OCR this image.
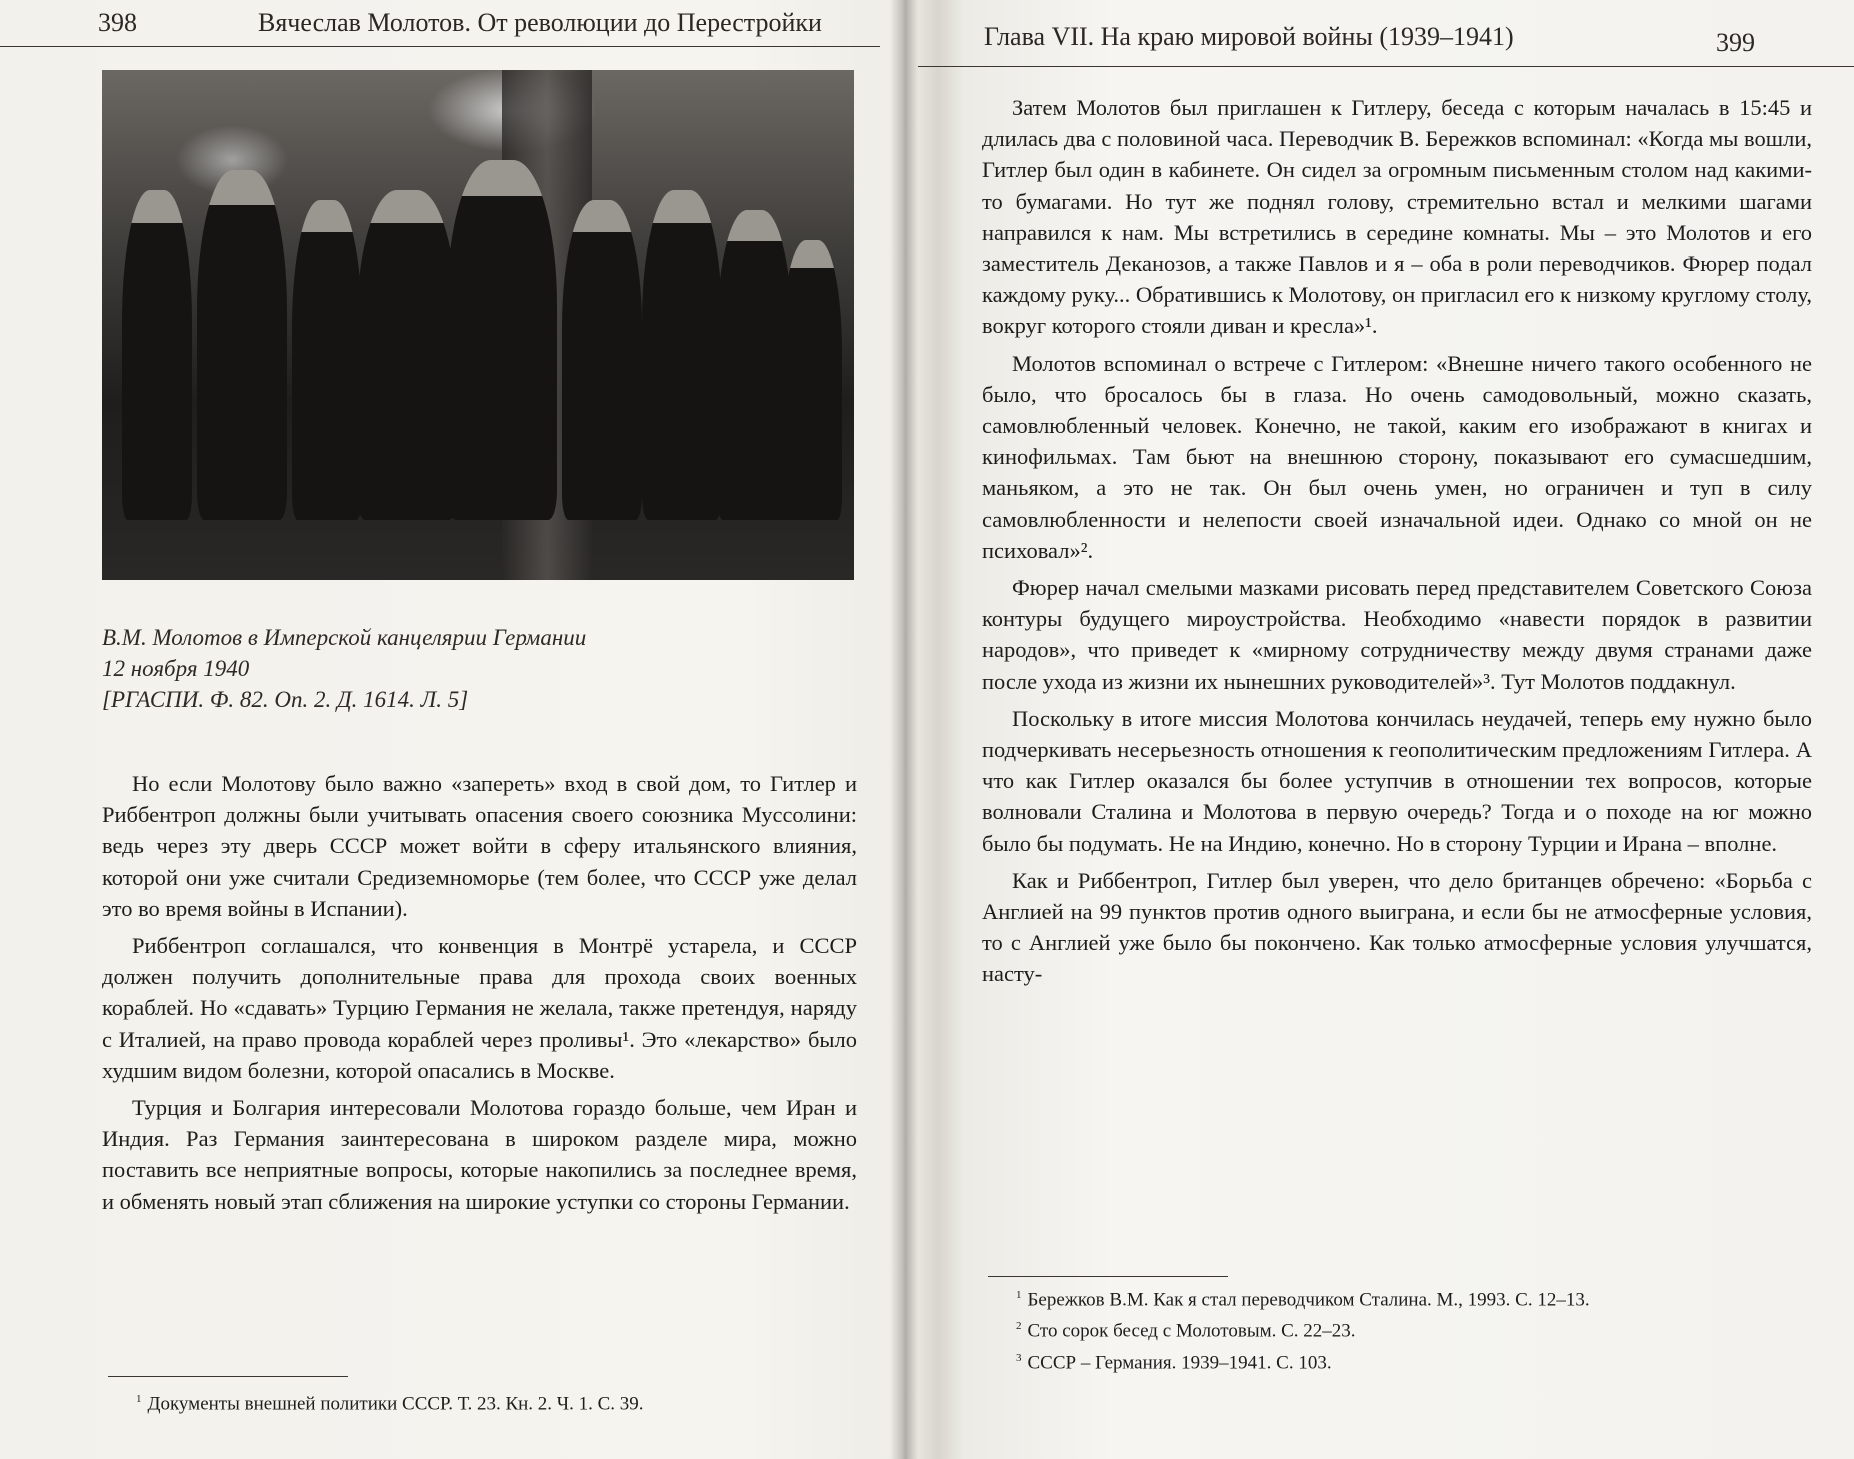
398	Вячеслав Молотов. От революции до Перестройки
В.М. Молотов в Имперской канцелярии Германии
12 ноября 1940
[РГАСПИ. Ф. 82. Оп. 2. Д. 1614. Л. 5]

Но если Молотову было важно «запереть» вход в свой дом, то Гитлер и Риббентроп должны были учитывать опасения своего союзника Муссолини: ведь через эту дверь СССР может войти в сферу итальянского влияния, которой они уже считали Средиземноморье (тем более, что СССР уже делал это во время войны в Испании).

Риббентроп соглашался, что конвенция в Монтрё устарела, и СССР должен получить дополнительные права для прохода своих военных кораблей. Но «сдавать» Турцию Германия не желала, также претендуя, наряду с Италией, на право провода кораблей через проливы¹. Это «лекарство» было худшим видом болезни, которой опасались в Москве.

Турция и Болгария интересовали Молотова гораздо больше, чем Иран и Индия. Раз Германия заинтересована в широком разделе мира, можно поставить все неприятные вопросы, которые накопились за последнее время, и обменять новый этап сближения на широкие уступки со стороны Германии.

$^1$ Документы внешней политики СССР. Т. 23. Кн. 2. Ч. 1. С. 39.
Глава VII. На краю мировой войны (1939–1941)	399

Затем Молотов был приглашен к Гитлеру, беседа с которым началась в 15:45 и длилась два с половиной часа. Переводчик В. Бережков вспоминал: «Когда мы вошли, Гитлер был один в кабинете. Он сидел за огромным письменным столом над какими-то бумагами. Но тут же поднял голову, стремительно встал и мелкими шагами направился к нам. Мы встретились в середине комнаты. Мы – это Молотов и его заместитель Деканозов, а также Павлов и я – оба в роли переводчиков. Фюрер подал каждому руку... Обратившись к Молотову, он пригласил его к низкому круглому столу, вокруг которого стояли диван и кресла»¹.

Молотов вспоминал о встрече с Гитлером: «Внешне ничего такого особенного не было, что бросалось бы в глаза. Но очень самодовольный, можно сказать, самовлюбленный человек. Конечно, не такой, каким его изображают в книгах и кинофильмах. Там бьют на внешнюю сторону, показывают его сумасшедшим, маньяком, а это не так. Он был очень умен, но ограничен и туп в силу самовлюбленности и нелепости своей изначальной идеи. Однако со мной он не психовал»².

Фюрер начал смелыми мазками рисовать перед представителем Советского Союза контуры будущего мироустройства. Необходимо «навести порядок в развитии народов», что приведет к «мирному сотрудничеству между двумя странами даже после ухода из жизни их нынешних руководителей»³. Тут Молотов поддакнул.

Поскольку в итоге миссия Молотова кончилась неудачей, теперь ему нужно было подчеркивать несерьезность отношения к геополитическим предложениям Гитлера. А что как Гитлер оказался бы более уступчив в отношении тех вопросов, которые волновали Сталина и Молотова в первую очередь? Тогда и о походе на юг можно было бы подумать. Не на Индию, конечно. Но в сторону Турции и Ирана – вполне.

Как и Риббентроп, Гитлер был уверен, что дело британцев обречено: «Борьба с Англией на 99 пунктов против одного выиграна, и если бы не атмосферные условия, то с Англией уже было бы покончено. Как только атмосферные условия улучшатся, насту-

$^1$ Бережков В.М. Как я стал переводчиком Сталина. М., 1993. С. 12–13.
$^2$ Сто сорок бесед с Молотовым. С. 22–23.
$^3$ СССР – Германия. 1939–1941. С. 103.
